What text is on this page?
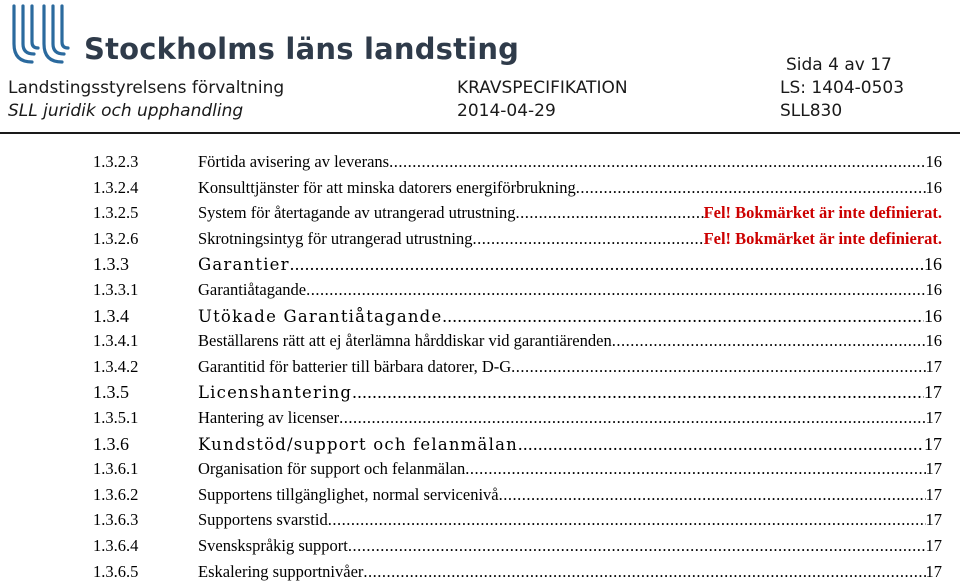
Stockholms läns landsting	Sida 4 av 17
Landstingsstyrelsens förvaltning	KRAVSPECIFIKATION	LS: 1404-0503
SLL juridik och upphandling	2014-04-29	SLL830
1.3.2.3	Förtida avisering av leverans .....	16
1.3.2.4	Konsulttjänster för att minska datorers energiförbrukning .....	16
1.3.2.5	System för återtagande av utrangerad utrustning .....	Fel! Bokmärket är inte definierat.
1.3.2.6	Skrotningsintyg för utrangerad utrustning .....	Fel! Bokmärket är inte definierat.
1.3.3	Garantier .....	16
1.3.3.1	Garantiåtagande .....	16
1.3.4	Utökade Garantiåtagande .....	16
1.3.4.1	Beställarens rätt att ej återlämna hårddiskar vid garantiärenden .....	16
1.3.4.2	Garantitid för batterier till bärbara datorer, D-G .....	17
1.3.5	Licenshantering .....	17
1.3.5.1	Hantering av licenser .....	17
1.3.6	Kundstöd/support och felanmälan .....	17
1.3.6.1	Organisation för support och felanmälan .....	17
1.3.6.2	Supportens tillgänglighet, normal servicenivå .....	17
1.3.6.3	Supportens svarstid .....	17
1.3.6.4	Svenskspråkig support .....	17
1.3.6.5	Eskalering supportnivåer .....	17
